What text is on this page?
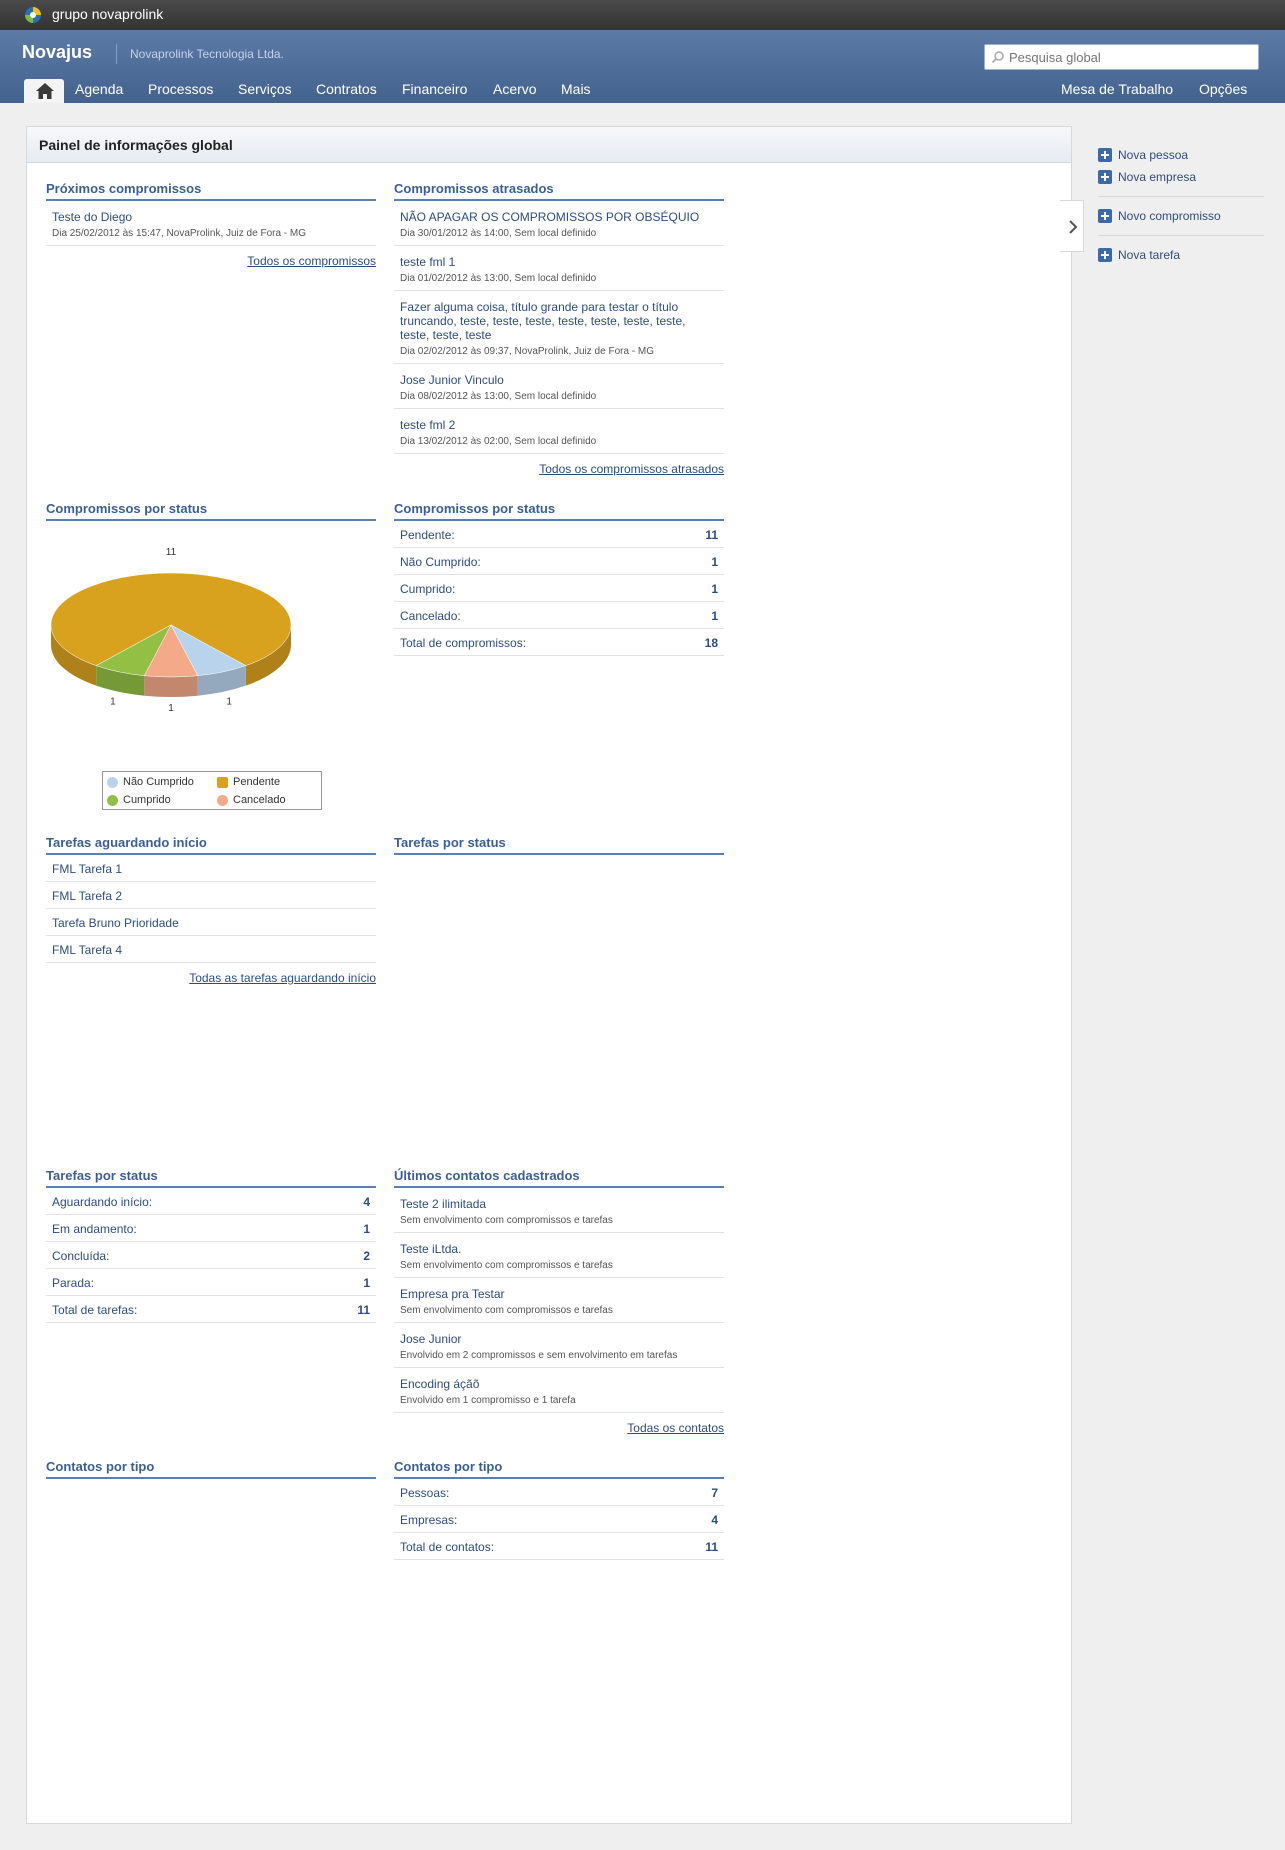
grupo novaprolink
Novajus	Novaprolink Tecnologia Ltda.
Pesquisa global
Agenda Processos Serviços Contratos Financeiro Acervo Mais	Mesa de Trabalho Opções
Painel de informações global
Próximos compromissos
Teste do Diego
Dia 25/02/2012 às 15:47, NovaProlink, Juiz de Fora - MG
Todos os compromissos
Compromissos atrasados
NÃO APAGAR OS COMPROMISSOS POR OBSÉQUIO
Dia 30/01/2012 às 14:00, Sem local definido
teste fml 1
Dia 01/02/2012 às 13:00, Sem local definido
Fazer alguma coisa, título grande para testar o título truncando, teste, teste, teste, teste, teste, teste, teste, teste, teste, teste
Dia 02/02/2012 às 09:37, NovaProlink, Juiz de Fora - MG
Jose Junior Vinculo
Dia 08/02/2012 às 13:00, Sem local definido
teste fml 2
Dia 13/02/2012 às 02:00, Sem local definido
Todos os compromissos atrasados
Compromissos por status
11
1
1
1
Não Cumprido	Pendente
Cumprido	Cancelado
Compromissos por status
Pendente:	11
Não Cumprido:	1
Cumprido:	1
Cancelado:	1
Total de compromissos:	18
Tarefas aguardando início
FML Tarefa 1
FML Tarefa 2
Tarefa Bruno Prioridade
FML Tarefa 4
Todas as tarefas aguardando início
Tarefas por status
Tarefas por status
Aguardando início:	4
Em andamento:	1
Concluída:	2
Parada:	1
Total de tarefas:	11
Últimos contatos cadastrados
Teste 2 ilimitada
Sem envolvimento com compromissos e tarefas
Teste iLtda.
Sem envolvimento com compromissos e tarefas
Empresa pra Testar
Sem envolvimento com compromissos e tarefas
Jose Junior
Envolvido em 2 compromissos e sem envolvimento em tarefas
Encoding áçãõ
Envolvido em 1 compromisso e 1 tarefa
Todas os contatos
Contatos por tipo	Contatos por tipo
Pessoas:	7
Empresas:	4
Total de contatos:	11
Nova pessoa
Nova empresa
Novo compromisso
Nova tarefa
